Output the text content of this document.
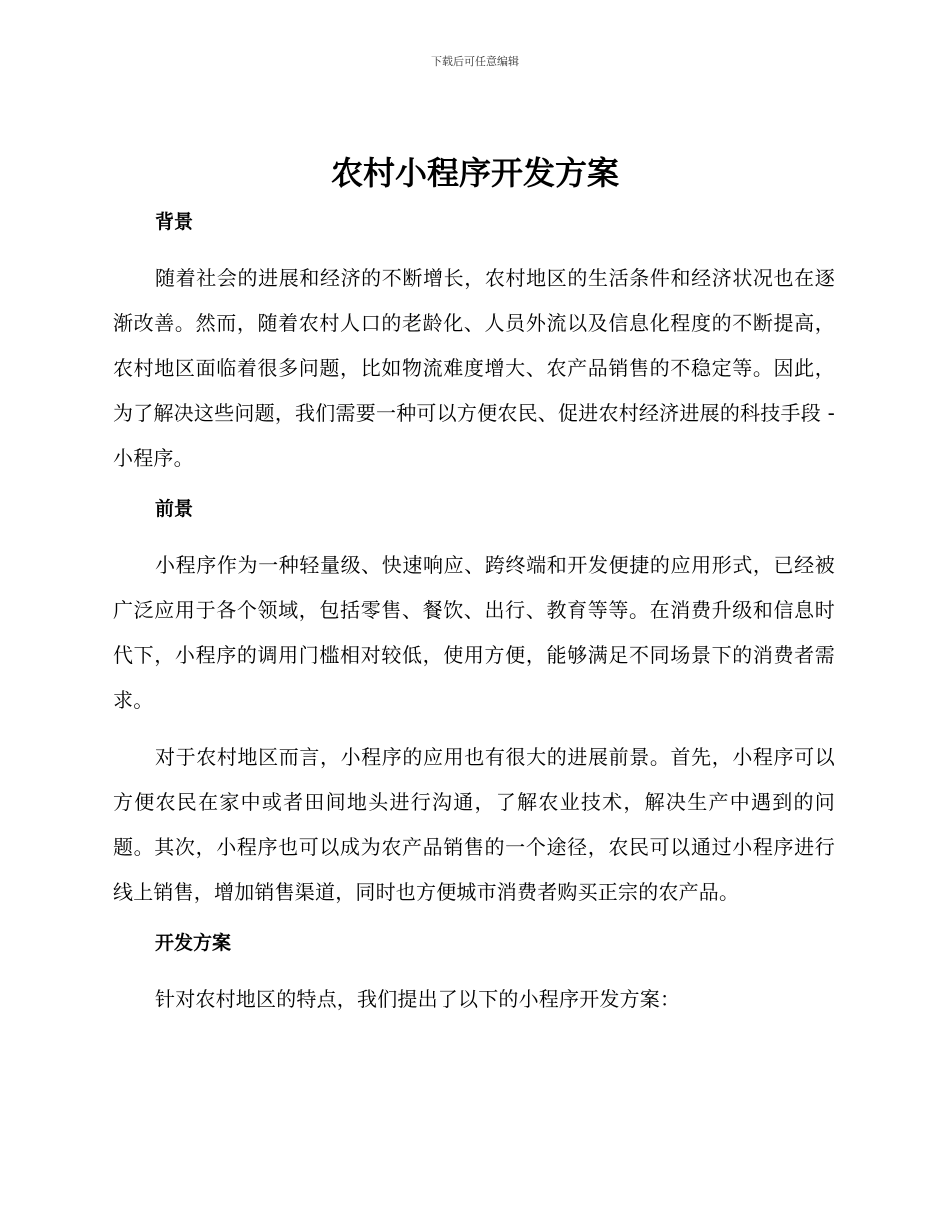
下载后可任意编辑
农村小程序开发方案
背景

随着社会的进展和经济的不断增长，农村地区的生活条件和经济状况也在逐渐改善。然而，随着农村人口的老龄化、人员外流以及信息化程度的不断提高，农村地区面临着很多问题，比如物流难度增大、农产品销售的不稳定等。因此，为了解决这些问题，我们需要一种可以方便农民、促进农村经济进展的科技手段 - 小程序。

前景

小程序作为一种轻量级、快速响应、跨终端和开发便捷的应用形式，已经被广泛应用于各个领域，包括零售、餐饮、出行、教育等等。在消费升级和信息时代下，小程序的调用门槛相对较低，使用方便，能够满足不同场景下的消费者需求。

对于农村地区而言，小程序的应用也有很大的进展前景。首先，小程序可以方便农民在家中或者田间地头进行沟通，了解农业技术，解决生产中遇到的问题。其次，小程序也可以成为农产品销售的一个途径，农民可以通过小程序进行线上销售，增加销售渠道，同时也方便城市消费者购买正宗的农产品。

开发方案

针对农村地区的特点，我们提出了以下的小程序开发方案：
